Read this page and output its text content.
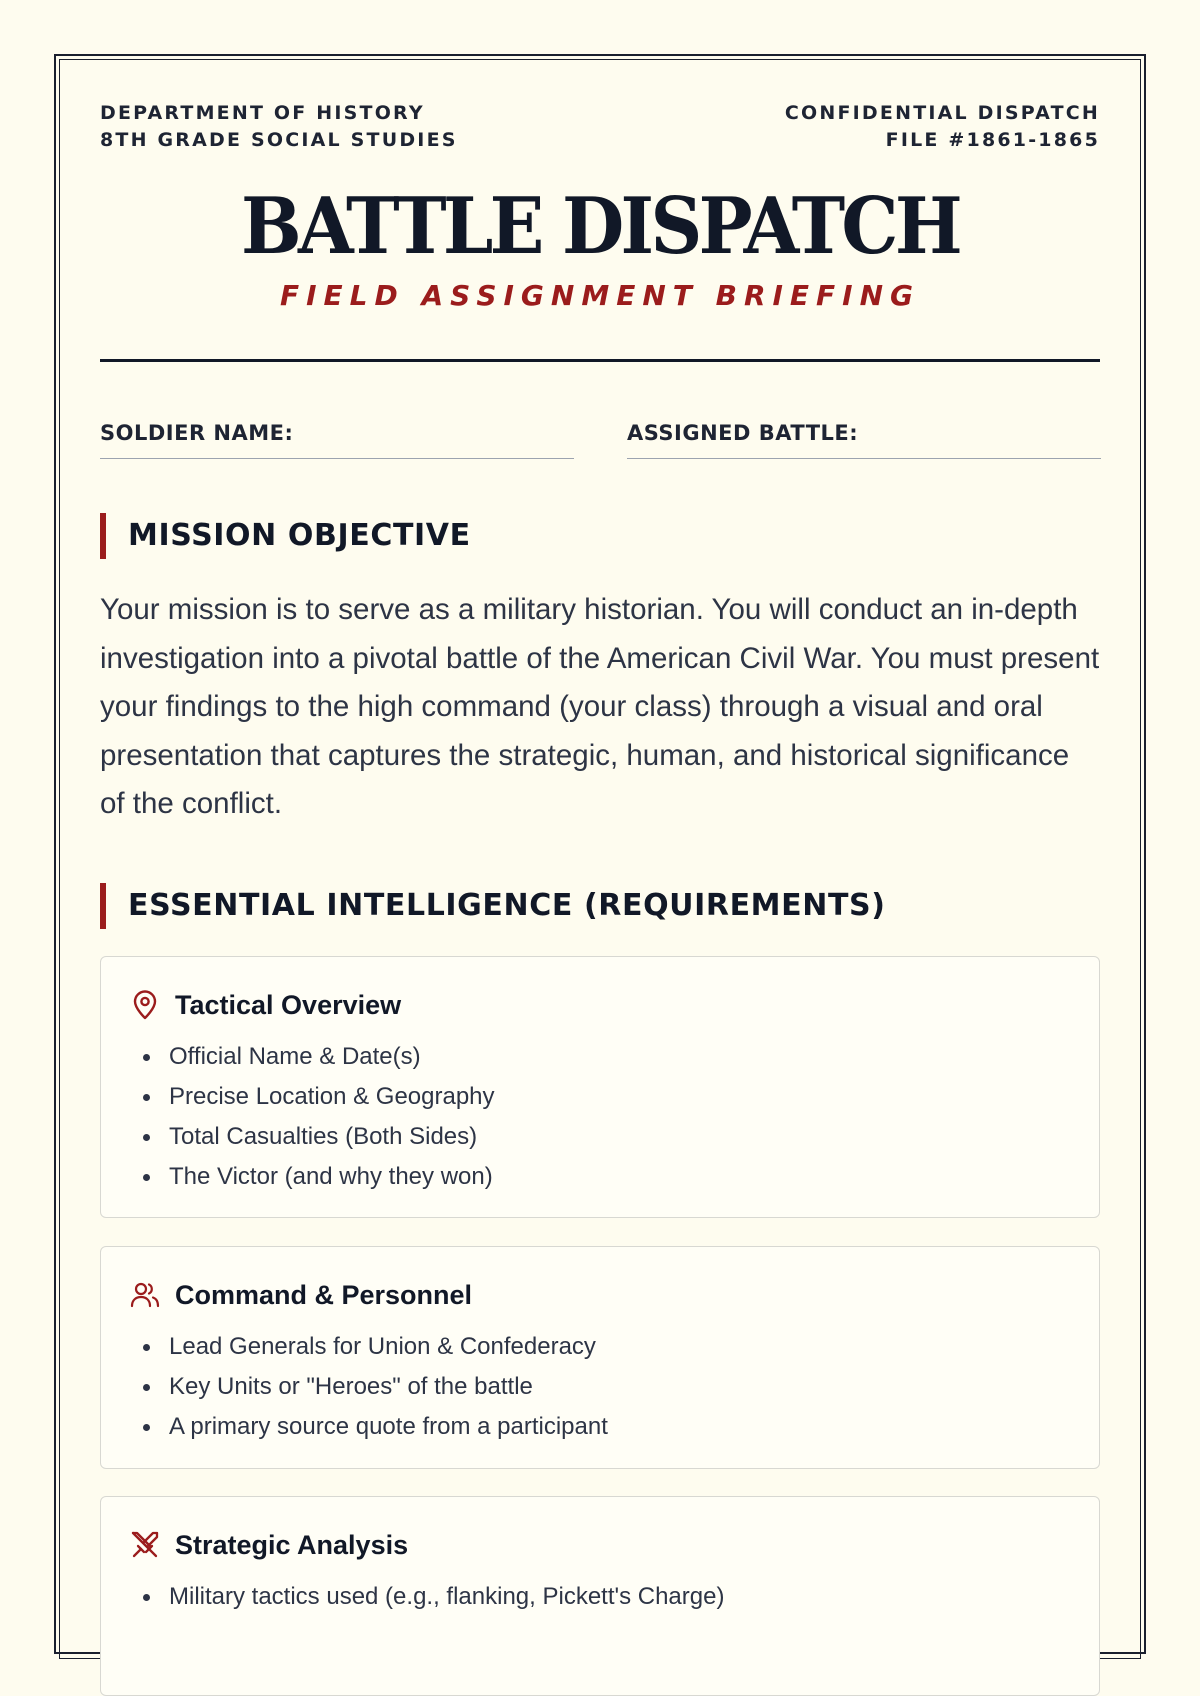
DEPARTMENT OF HISTORY
8TH GRADE SOCIAL STUDIES
CONFIDENTIAL DISPATCH
FILE #1861-1865
BATTLE DISPATCH
FIELD ASSIGNMENT BRIEFING
SOLDIER NAME:	ASSIGNED BATTLE:
MISSION OBJECTIVE
Your mission is to serve as a military historian. You will conduct an in-depth investigation into a pivotal battle of the American Civil War. You must present your findings to the high command (your class) through a visual and oral presentation that captures the strategic, human, and historical significance of the conflict.
ESSENTIAL INTELLIGENCE (REQUIREMENTS)
Tactical Overview
Official Name & Date(s)
Precise Location & Geography
Total Casualties (Both Sides)
The Victor (and why they won)
Command & Personnel
Lead Generals for Union & Confederacy
Key Units or "Heroes" of the battle
A primary source quote from a participant
Strategic Analysis
Military tactics used (e.g., flanking, Pickett's Charge)
